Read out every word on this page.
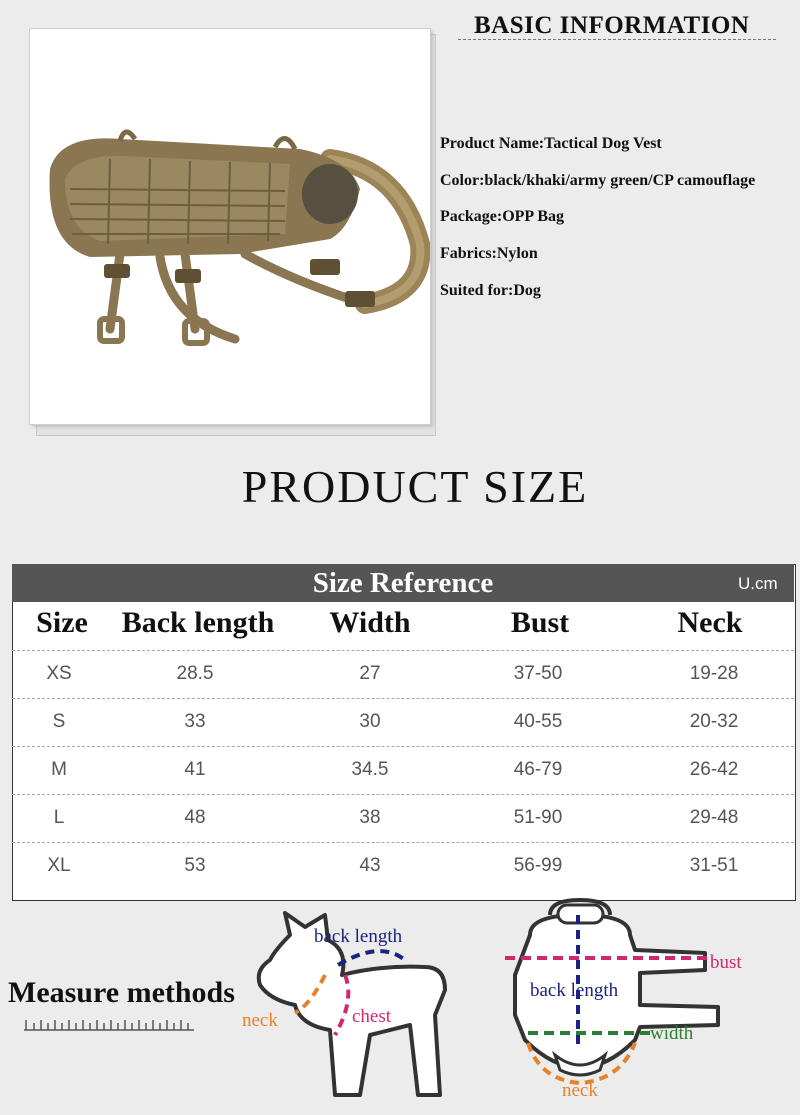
BASIC INFORMATION
Product Name:Tactical Dog Vest
Color:black/khaki/army green/CP camouflage
Package:OPP Bag
Fabrics:Nylon
Suited for:Dog
PRODUCT SIZE
Size Reference	U.cm
Size	Back length	Width	Bust	Neck
XS	28.5	27	37-50	19-28
S	33	30	40-55	20-32
M	41	34.5	46-79	26-42
L	48	38	51-90	29-48
XL	53	43	56-99	31-51
Measure methods
back length
chest
neck
bust
back length
width
neck
